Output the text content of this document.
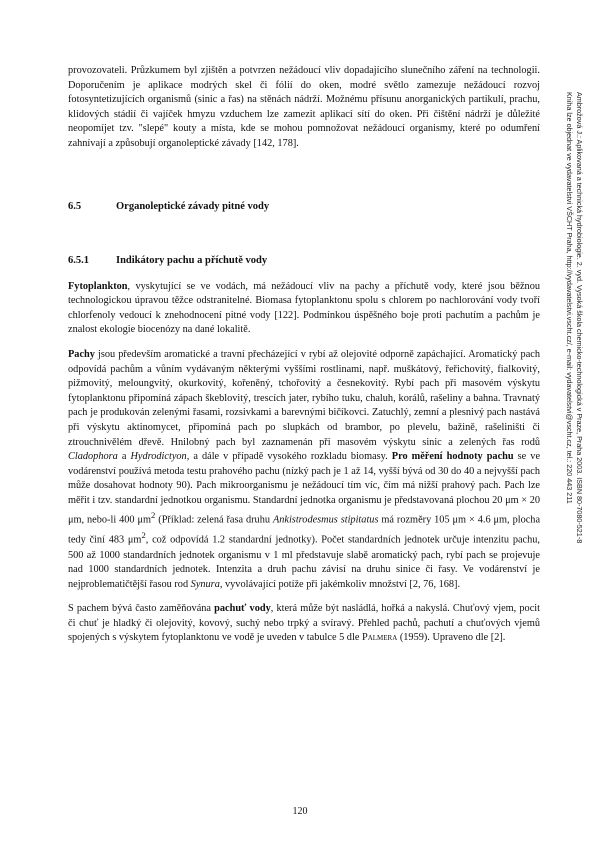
provozovateli. Průzkumem byl zjištěn a potvrzen nežádoucí vliv dopadajícího slunečního záření na technologii. Doporučením je aplikace modrých skel či fólií do oken, modré světlo zamezuje nežádoucí rozvoj fotosyntetizujících organismů (sinic a řas) na stěnách nádrží. Možnému přísunu anorganických partikulí, prachu, klidových stádií či vajíček hmyzu vzduchem lze zamezit aplikací sítí do oken. Při čištění nádrží je důležité neopomíjet tzv. "slepé" kouty a místa, kde se mohou pomnožovat nežádoucí organismy, které po odumření zahnívají a způsobují organoleptické závady [142, 178].

6.5	Organoleptické závady pitné vody
6.5.1	Indikátory pachu a příchutě vody

Fytoplankton, vyskytující se ve vodách, má nežádoucí vliv na pachy a příchutě vody, které jsou běžnou technologickou úpravou těžce odstranitelné. Biomasa fytoplanktonu spolu s chlorem po nachlorování vody tvoří chlorfenoly vedoucí k znehodnocení pitné vody [122]. Podmínkou úspěšného boje proti pachutím a pachům je znalost ekologie biocenózy na dané lokalitě.

Pachy jsou především aromatické a travní přecházející v rybí až olejovité odporně zapáchající. Aromatický pach odpovídá pachům a vůním vydávaným některými vyššími rostlinami, např. muškátový, řeřichovitý, fialkovitý, pižmovitý, meloungvitý, okurkovitý, kořeněný, tchořovitý a česnekovitý. Rybí pach při masovém výskytu fytoplanktonu připomíná zápach škeblovitý, trescích jater, rybího tuku, chaluh, korálů, rašeliny a bahna. Travnatý pach je produkován zelenými řasami, rozsivkami a barevnými bičíkovci. Zatuchlý, zemní a plesnivý pach nastává při výskytu aktinomycet, připomíná pach po slupkách od brambor, po plevelu, bažině, rašeliništi či ztrouchnivělém dřevě. Hnilobný pach byl zaznamenán při masovém výskytu sinic a zelených řas rodů Cladophora a Hydrodictyon, a dále v případě vysokého rozkladu biomasy. Pro měření hodnoty pachu se ve vodárenství používá metoda testu prahového pachu (nízký pach je 1 až 14, vyšší bývá od 30 do 40 a nejvyšší pach může dosahovat hodnoty 90). Pach mikroorganismu je nežádoucí tím víc, čím má nižší prahový pach. Pach lze měřit i tzv. standardní jednotkou organismu. Standardní jednotka organismu je představovaná plochou 20 μm × 20 μm, nebo-li 400 $\mu m^2$ (Příklad: zelená řasa druhu Ankistrodesmus stipitatus má rozměry 105 μm × 4.6 μm, plocha tedy činí 483 $\mu m^2$, což odpovídá 1.2 standardní jednotky). Počet standardních jednotek určuje intenzitu pachu, 500 až 1000 standardních jednotek organismu v 1 ml představuje slabě aromatický pach, rybí pach se projevuje nad 1000 standardních jednotek. Intenzita a druh pachu závisí na druhu sinice či řasy. Ve vodárenství je nejproblematičtější řasou rod Synura, vyvolávající potíže při jakémkoliv množství [2, 76, 168].

S pachem bývá často zaměňována pachuť vody, která může být nasládlá, hořká a nakyslá. Chuťový vjem, pocit či chuť je hladký či olejovitý, kovový, suchý nebo trpký a svíravý. Přehled pachů, pachutí a chuťových vjemů spojených s výskytem fytoplanktonu ve vodě je uveden v tabulce 5 dle Palmera (1959). Upraveno dle [2].

Ambrožová J.: Aplikovaná a technická hydrobiologie. 2. vyd. Vysoká škola chemicko-technologická v Praze, Praha 2003. ISBN 80-7080-521-8
Kniha lze objednat ve vydavatelství VŠCHT Praha, http://vydavatelstvi.vscht.cz/, e-mail: vydavatelstvi@vscht.cz, tel.: 220 443 211
120
